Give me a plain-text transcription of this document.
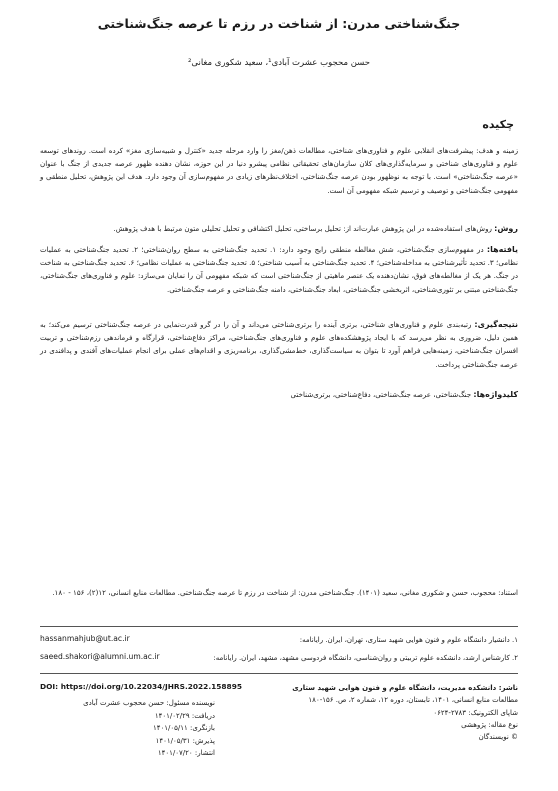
جنگ‌شناختی مدرن: از شناخت در رزم تا عرصه جنگ‌شناختی
حسن محجوب عشرت آبادی¹، سعید شکوری مغانی²
چکیده

زمینه و هدف: پیشرفت‌های انقلابی علوم و فناوری‌های شناختی، مطالعات ذهن/مغز را وارد مرحله جدید «کنترل و شبیه‌سازی مغز» کرده است. روندهای توسعه علوم و فناوری‌های شناختی و سرمایه‌گذاری‌های کلان سازمان‌های تحقیقاتی نظامی پیشرو دنیا در این حوزه، نشان دهنده ظهور عرصه جدیدی از جنگ با عنوان «عرصه جنگ‌شناختی» است. با توجه به نوظهور بودن عرصه جنگ‌شناختی، اختلاف‌نظرهای زیادی در مفهوم‌سازی آن وجود دارد. هدف این پژوهش، تحلیل منطقی و مفهومی جنگ‌شناختی و توصیف و ترسیم شبکه مفهومی آن است.

روش: روش‌های استفاده‌شده در این پژوهش عبارت‌اند از: تحلیل برساختی، تحلیل اکتشافی و تحلیل تحلیلی متون مرتبط با هدف پژوهش.

یافته‌ها: در مفهوم‌سازی جنگ‌شناختی، شش مغالطه منطقی رایج وجود دارد: ۱. تحدید جنگ‌شناختی به سطح روان‌شناختی؛ ۲. تحدید جنگ‌شناختی به عملیات نظامی؛ ۳. تحدید تأثیرشناختی به مداخله‌شناختی؛ ۴. تحدید جنگ‌شناختی به آسیب شناختی؛ ۵. تحدید جنگ‌شناختی به عملیات نظامی؛ ۶. تحدید جنگ‌شناختی به شناخت در جنگ. هر یک از مغالطه‌های فوق، نشان‌دهنده یک عنصر ماهیتی از جنگ‌شناختی است که شبکه مفهومی آن را نمایان می‌سازد: علوم و فناوری‌های جنگ‌شناختی، جنگ‌شناختی مبتنی بر تئوری‌شناختی، اثربخشی جنگ‌شناختی، ابعاد جنگ‌شناختی، دامنه جنگ‌شناختی و عرصه جنگ‌شناختی.

نتیجه‌گیری: رتبه‌بندی علوم و فناوری‌های شناختی، برتری آینده را برتری‌شناختی می‌داند و آن را در گرو قدرت‌نمایی در عرصه جنگ‌شناختی ترسیم می‌کند؛ به همین دلیل، ضروری به نظر می‌رسد که با ایجاد پژوهشکده‌های علوم و فناوری‌های جنگ‌شناختی، مراکز دفاع‌شناختی، قرارگاه و فرماندهی رزم‌شناختی و تربیت افسران جنگ‌شناختی، زمینه‌هایی فراهم آورد تا بتوان به سیاست‌گذاری، خط‌مشی‌گذاری، برنامه‌ریزی و اقدام‌های عملی برای انجام عملیات‌های آفندی و پدافندی در عرصه جنگ‌شناختی پرداخت.

کلیدواژه‌ها: جنگ‌شناختی، عرصه جنگ‌شناختی، دفاع‌شناختی، برتری‌شناختی

استناد: محجوب، حسن و شکوری مغانی، سعید (۱۴۰۱). جنگ‌شناختی مدرن: از شناخت در رزم تا عرصه جنگ‌شناختی. مطالعات منابع انسانی، ۱۲(۲)، ۱۵۶ - ۱۸۰.

۱. دانشیار دانشگاه علوم و فنون هوایی شهید ستاری، تهران، ایران. رایانامه:
۲. کارشناس ارشد، دانشکده علوم تربیتی و روان‌شناسی، دانشگاه فردوسی مشهد، مشهد، ایران. رایانامه:
hassanmahjub@ut.ac.ir
saeed.shakori@alumni.um.ac.ir
DOI: https://doi.org/10.22034/JHRS.2022.158895
نویسنده مسئول: حسن محجوب عشرت آبادی
دریافت: ۱۴۰۱/۰۲/۲۹
بازنگری: ۱۴۰۱/۰۵/۱۱
پذیرش: ۱۴۰۱/۰۵/۳۱
انتشار: ۱۴۰۱/۰۷/۲۰
ناشر: دانشکده مدیریت، دانشگاه علوم و فنون هوایی شهید ستاری
مطالعات منابع انسانی، ۱۴۰۱، تابستان، دوره ۱۲، شماره ۲، ص. ۱۵۶-۱۸۰
شاپای الکترونیک: ۲۷۸۳-۰۶۲۴
نوع مقاله: پژوهشی
© نویسندگان
